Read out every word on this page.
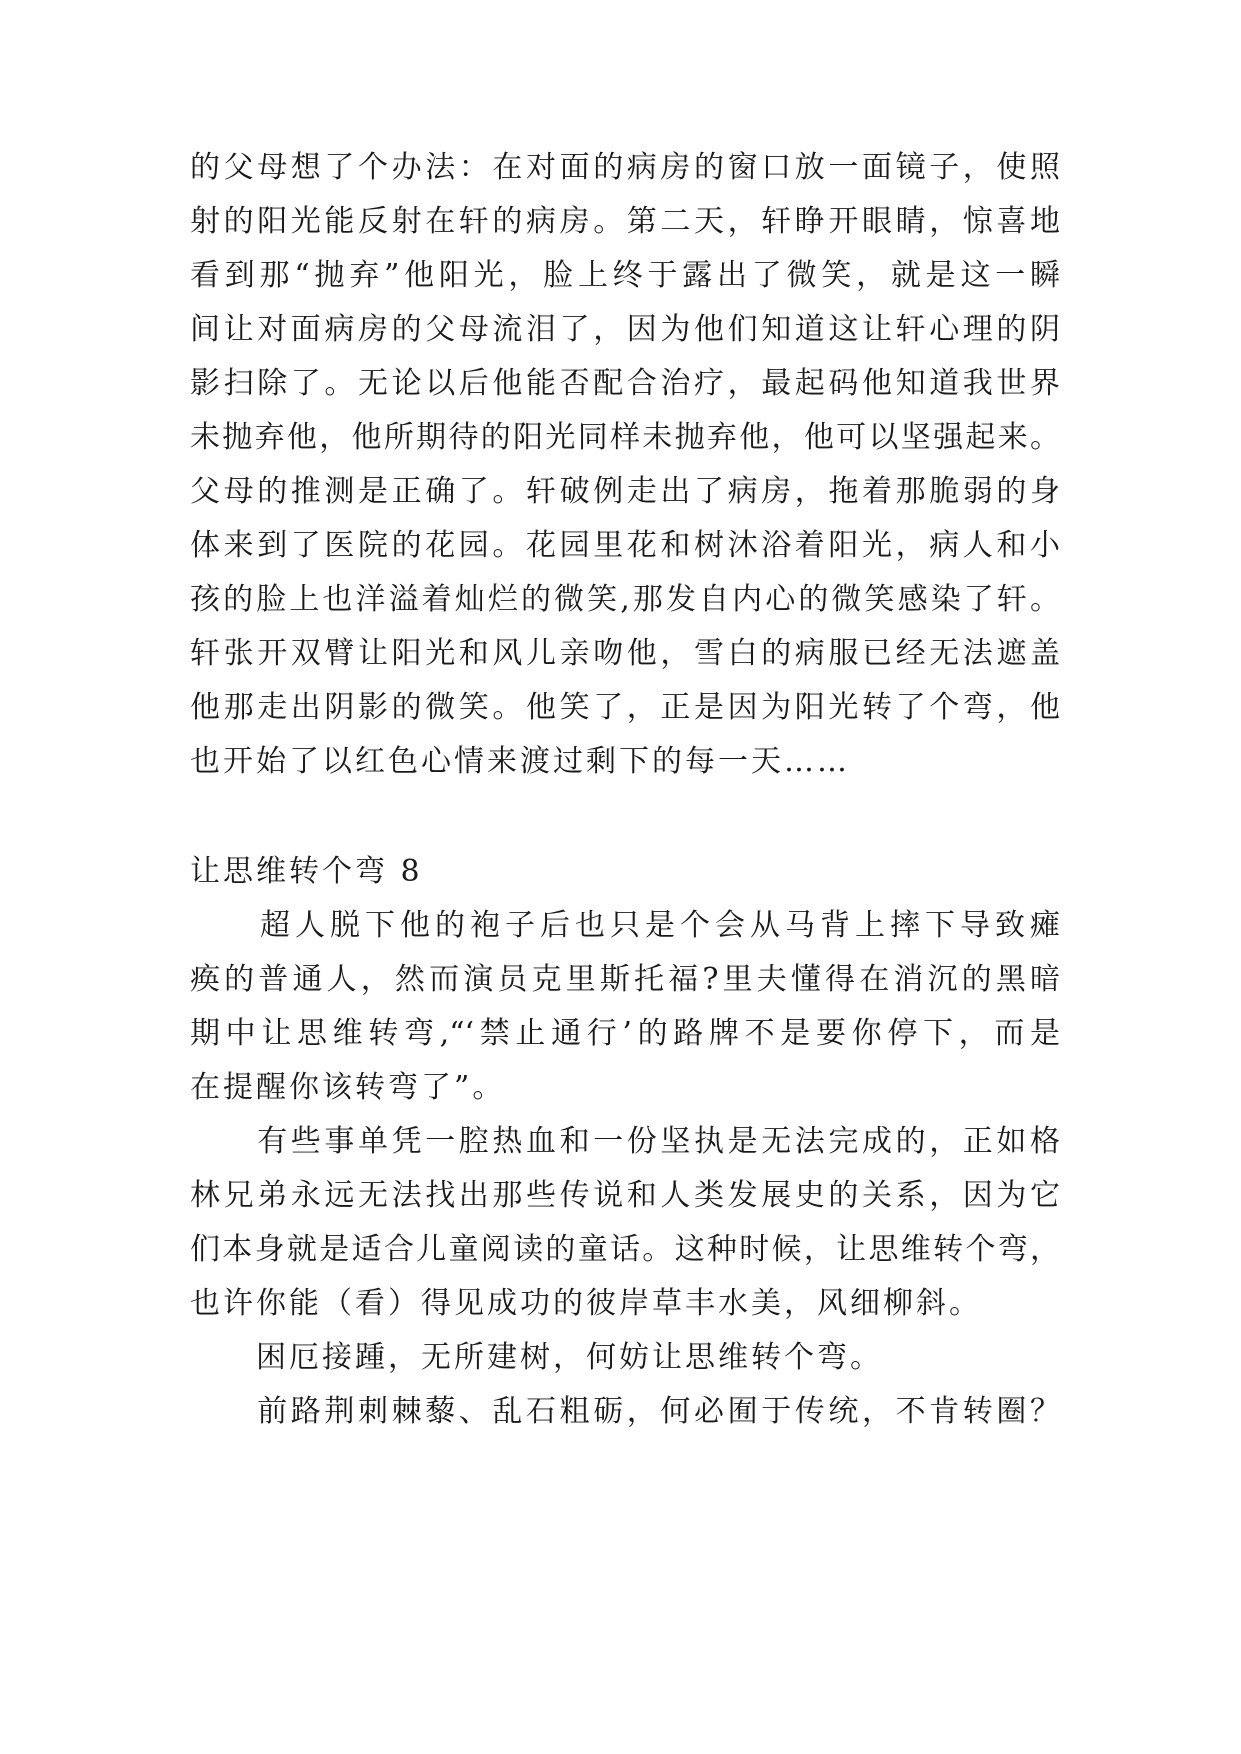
的父母想了个办法：在对面的病房的窗口放一面镜子，使照
射的阳光能反射在轩的病房。第二天，轩睁开眼睛，惊喜地
看到那“抛弃”他阳光，脸上终于露出了微笑，就是这一瞬
间让对面病房的父母流泪了，因为他们知道这让轩心理的阴
影扫除了。无论以后他能否配合治疗，最起码他知道我世界
未抛弃他，他所期待的阳光同样未抛弃他，他可以坚强起来。
父母的推测是正确了。轩破例走出了病房，拖着那脆弱的身
体来到了医院的花园。花园里花和树沐浴着阳光，病人和小
孩的脸上也洋溢着灿烂的微笑,那发自内心的微笑感染了轩。
轩张开双臂让阳光和风儿亲吻他，雪白的病服已经无法遮盖
他那走出阴影的微笑。他笑了，正是因为阳光转了个弯，他
也开始了以红色心情来渡过剩下的每一天……
让思维转个弯 8
　　超人脱下他的袍子后也只是个会从马背上摔下导致瘫
痪的普通人，然而演员克里斯托福?里夫懂得在消沉的黑暗
期中让思维转弯,“‘禁止通行’的路牌不是要你停下，而是
在提醒你该转弯了”。
　　有些事单凭一腔热血和一份坚执是无法完成的，正如格
林兄弟永远无法找出那些传说和人类发展史的关系，因为它
们本身就是适合儿童阅读的童话。这种时候，让思维转个弯，
也许你能（看）得见成功的彼岸草丰水美，风细柳斜。
　　困厄接踵，无所建树，何妨让思维转个弯。
　　前路荆刺棘藜、乱石粗砺，何必囿于传统，不肯转圈？
